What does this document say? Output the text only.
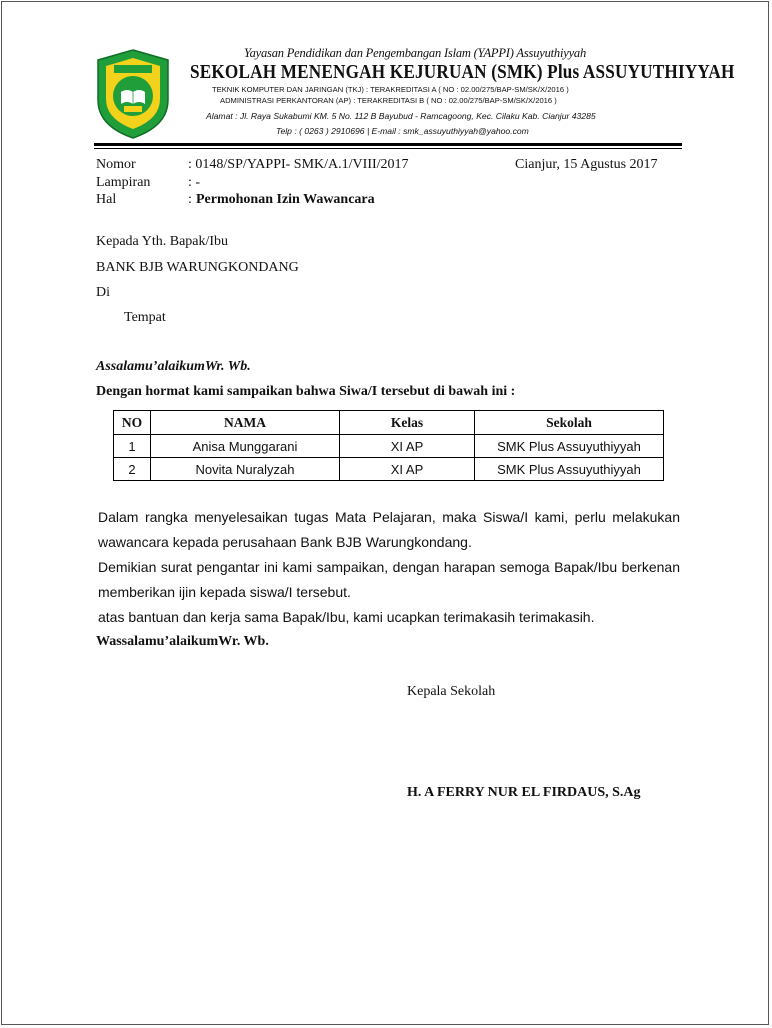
Yayasan Pendidikan dan Pengembangan Islam (YAPPI) Assuyuthiyyah
SEKOLAH MENENGAH KEJURUAN (SMK) Plus ASSUYUTHIYYAH
TEKNIK KOMPUTER DAN JARINGAN (TKJ) : TERAKREDITASI A ( NO : 02.00/275/BAP-SM/SK/X/2016 )
ADMINISTRASI PERKANTORAN (AP) : TERAKREDITASI B ( NO : 02.00/275/BAP-SM/SK/X/2016 )
Alamat : Jl. Raya Sukabumi KM. 5 No. 112 B Bayubud - Ramcagoong, Kec. Cilaku Kab. Cianjur 43285
Telp : ( 0263 ) 2910696 | E-mail : smk_assuyuthiyyah@yahoo.com
Nomor	: 0148/SP/YAPPI- SMK/A.1/VIII/2017	Cianjur, 15 Agustus 2017
Lampiran	: -
Hal	: Permohonan Izin Wawancara
Kepada Yth. Bapak/Ibu
BANK BJB WARUNGKONDANG
Di
Tempat
Assalamu’alaikumWr. Wb.
Dengan hormat kami sampaikan bahwa Siwa/I tersebut di bawah ini :
NO	NAMA	Kelas	Sekolah
1	Anisa Munggarani	XI AP	SMK Plus Assuyuthiyyah
2	Novita Nuralyzah	XI AP	SMK Plus Assuyuthiyyah
Dalam rangka menyelesaikan tugas Mata Pelajaran, maka Siswa/I kami, perlu melakukan
wawancara kepada perusahaan Bank BJB Warungkondang.
Demikian surat pengantar ini kami sampaikan, dengan harapan semoga Bapak/Ibu berkenan
memberikan ijin kepada siswa/I tersebut.
atas bantuan dan kerja sama Bapak/Ibu, kami ucapkan terimakasih terimakasih.
Wassalamu’alaikumWr. Wb.
Kepala Sekolah
H. A FERRY NUR EL FIRDAUS, S.Ag
